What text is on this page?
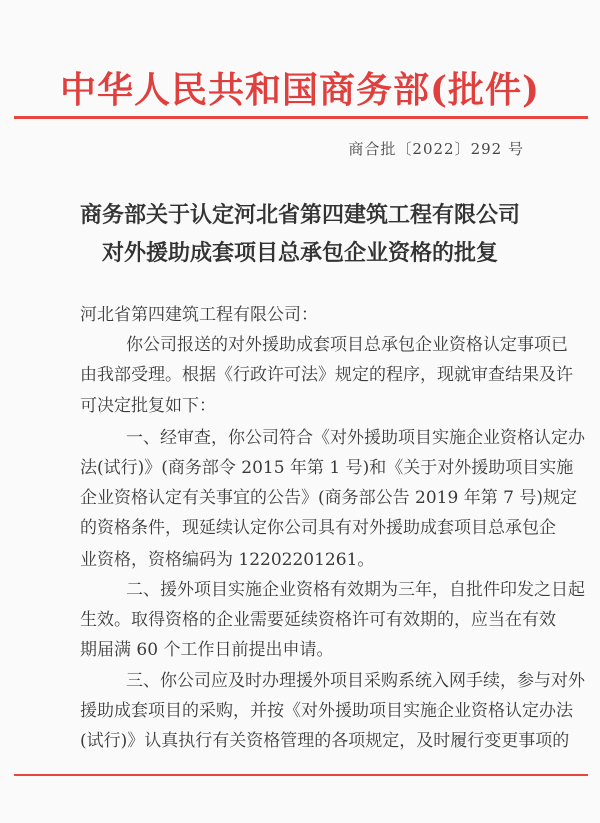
中华人民共和国商务部(批件)
商合批〔2022〕292 号
商务部关于认定河北省第四建筑工程有限公司
对外援助成套项目总承包企业资格的批复
河北省第四建筑工程有限公司：
你公司报送的对外援助成套项目总承包企业资格认定事项已
由我部受理。根据《行政许可法》规定的程序，现就审查结果及许
可决定批复如下：
一、经审查，你公司符合《对外援助项目实施企业资格认定办
法(试行)》(商务部令 2015 年第 1 号)和《关于对外援助项目实施
企业资格认定有关事宜的公告》(商务部公告 2019 年第 7 号)规定
的资格条件，现延续认定你公司具有对外援助成套项目总承包企
业资格，资格编码为 12202201261。
二、援外项目实施企业资格有效期为三年，自批件印发之日起
生效。取得资格的企业需要延续资格许可有效期的，应当在有效
期届满 60 个工作日前提出申请。
三、你公司应及时办理援外项目采购系统入网手续，参与对外
援助成套项目的采购，并按《对外援助项目实施企业资格认定办法
(试行)》认真执行有关资格管理的各项规定，及时履行变更事项的
